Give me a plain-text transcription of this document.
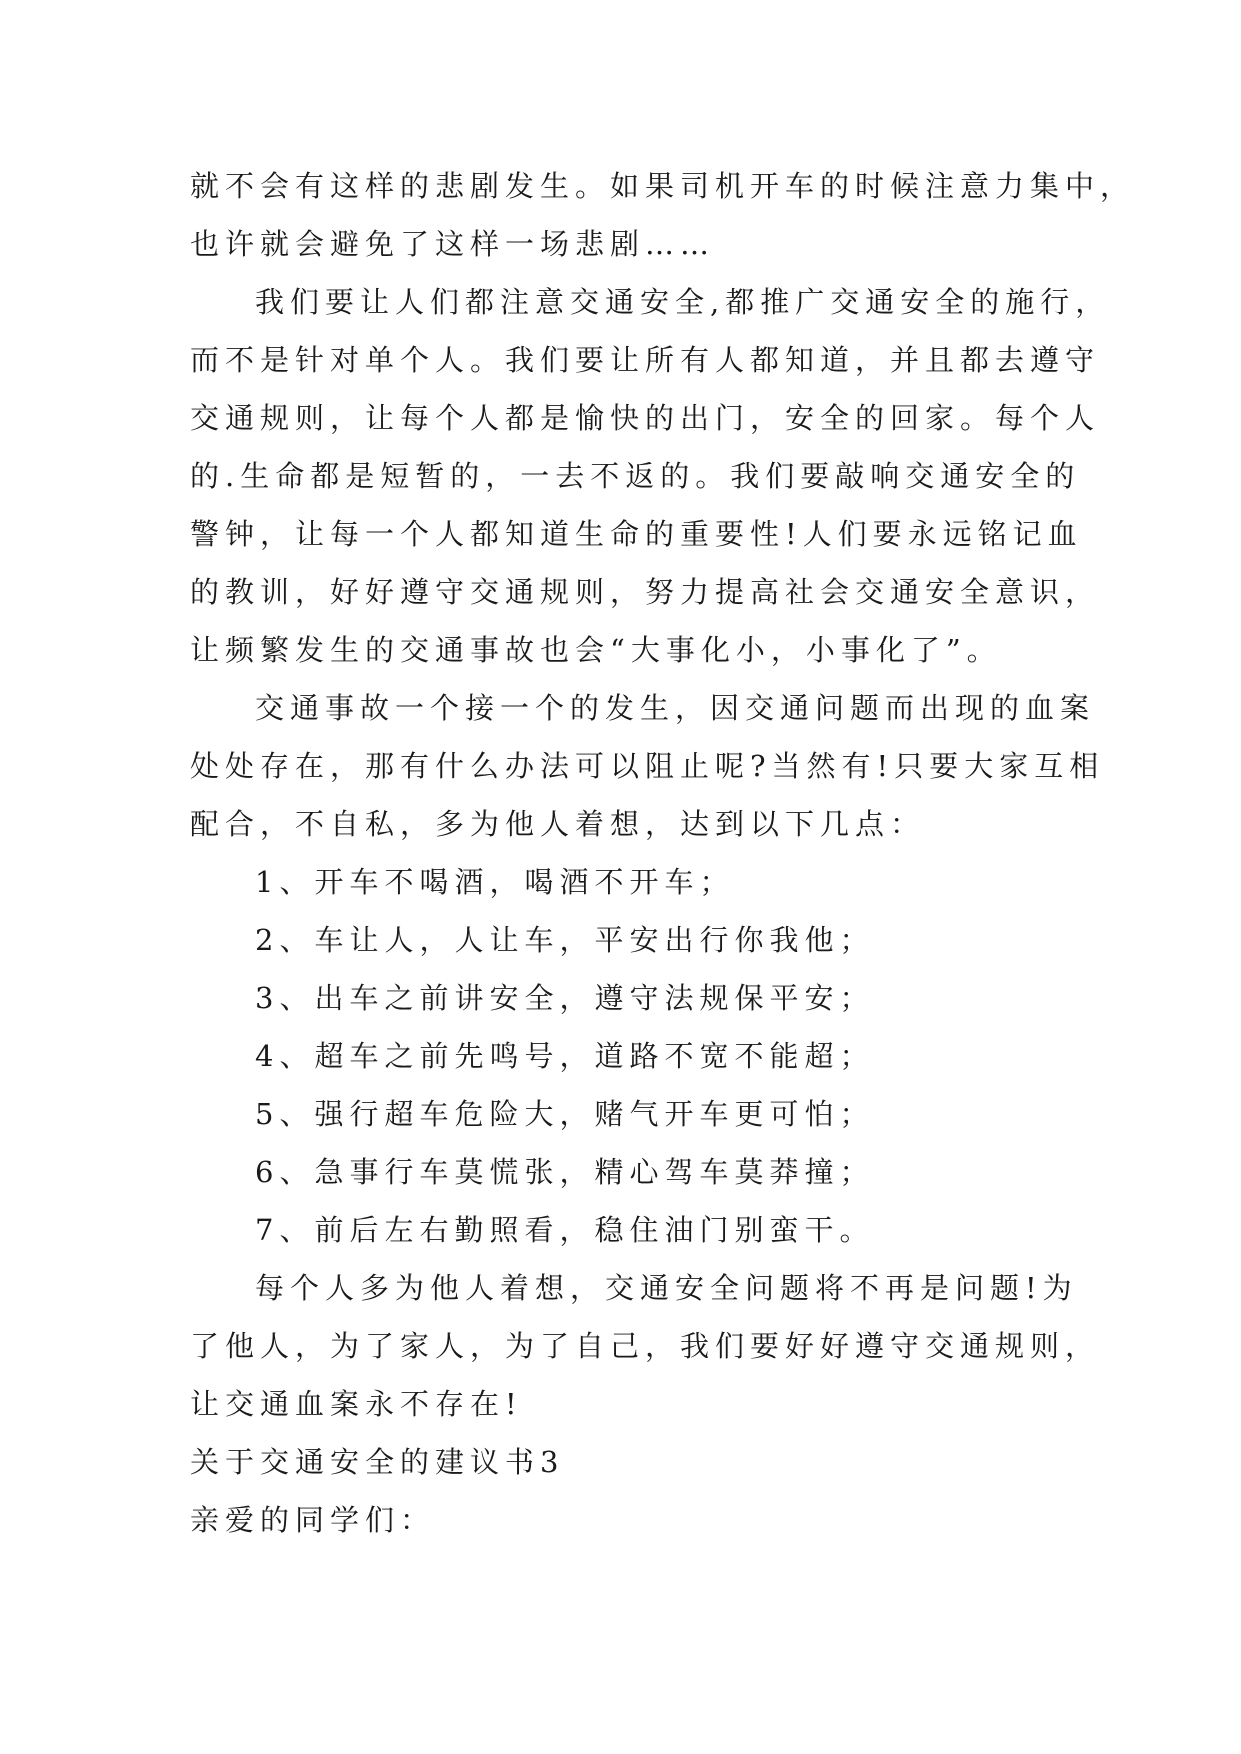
就不会有这样的悲剧发生。如果司机开车的时候注意力集中，
也许就会避免了这样一场悲剧……
我们要让人们都注意交通安全,都推广交通安全的施行，
而不是针对单个人。我们要让所有人都知道，并且都去遵守
交通规则，让每个人都是愉快的出门，安全的回家。每个人
的.生命都是短暂的，一去不返的。我们要敲响交通安全的
警钟，让每一个人都知道生命的重要性!人们要永远铭记血
的教训，好好遵守交通规则，努力提高社会交通安全意识，
让频繁发生的交通事故也会“大事化小，小事化了”。
交通事故一个接一个的发生，因交通问题而出现的血案
处处存在，那有什么办法可以阻止呢?当然有!只要大家互相
配合，不自私，多为他人着想，达到以下几点：
1、开车不喝酒，喝酒不开车；
2、车让人，人让车，平安出行你我他；
3、出车之前讲安全，遵守法规保平安；
4、超车之前先鸣号，道路不宽不能超；
5、强行超车危险大，赌气开车更可怕；
6、急事行车莫慌张，精心驾车莫莽撞；
7、前后左右勤照看，稳住油门别蛮干。
每个人多为他人着想，交通安全问题将不再是问题!为
了他人，为了家人，为了自己，我们要好好遵守交通规则，
让交通血案永不存在!
关于交通安全的建议书3
亲爱的同学们：
